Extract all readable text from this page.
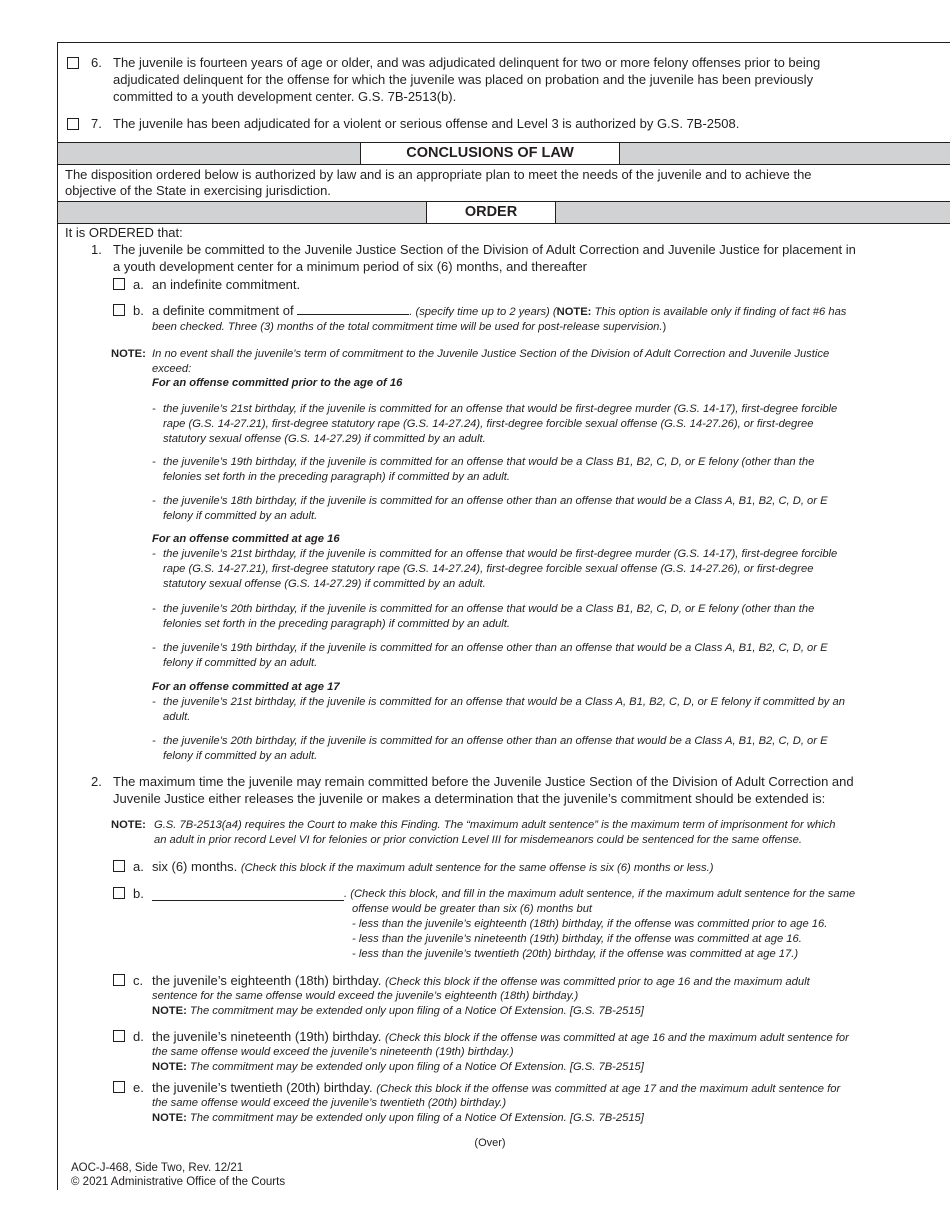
6. The juvenile is fourteen years of age or older, and was adjudicated delinquent for two or more felony offenses prior to being
adjudicated delinquent for the offense for which the juvenile was placed on probation and the juvenile has been previously
committed to a youth development center. G.S. 7B-2513(b).
7. The juvenile has been adjudicated for a violent or serious offense and Level 3 is authorized by G.S. 7B-2508.
CONCLUSIONS OF LAW
The disposition ordered below is authorized by law and is an appropriate plan to meet the needs of the juvenile and to achieve the
objective of the State in exercising jurisdiction.
ORDER
It is ORDERED that:
1. The juvenile be committed to the Juvenile Justice Section of the Division of Adult Correction and Juvenile Justice for placement in
a youth development center for a minimum period of six (6) months, and thereafter
a. an indefinite commitment.
b. a definite commitment of	. (specify time up to 2 years) (NOTE: This option is available only if finding of fact #6 has
been checked. Three (3) months of the total commitment time will be used for post-release supervision.)
NOTE: In no event shall the juvenile’s term of commitment to the Juvenile Justice Section of the Division of Adult Correction and Juvenile Justice
exceed:
For an offense committed prior to the age of 16
- the juvenile’s 21st birthday, if the juvenile is committed for an offense that would be first-degree murder (G.S. 14-17), first-degree forcible
rape (G.S. 14-27.21), first-degree statutory rape (G.S. 14-27.24), first-degree forcible sexual offense (G.S. 14-27.26), or first-degree
statutory sexual offense (G.S. 14-27.29) if committed by an adult.
- the juvenile’s 19th birthday, if the juvenile is committed for an offense that would be a Class B1, B2, C, D, or E felony (other than the
felonies set forth in the preceding paragraph) if committed by an adult.
- the juvenile’s 18th birthday, if the juvenile is committed for an offense other than an offense that would be a Class A, B1, B2, C, D, or E
felony if committed by an adult.
For an offense committed at age 16
- the juvenile’s 21st birthday, if the juvenile is committed for an offense that would be first-degree murder (G.S. 14-17), first-degree forcible
rape (G.S. 14-27.21), first-degree statutory rape (G.S. 14-27.24), first-degree forcible sexual offense (G.S. 14-27.26), or first-degree
statutory sexual offense (G.S. 14-27.29) if committed by an adult.
- the juvenile’s 20th birthday, if the juvenile is committed for an offense that would be a Class B1, B2, C, D, or E felony (other than the
felonies set forth in the preceding paragraph) if committed by an adult.
- the juvenile’s 19th birthday, if the juvenile is committed for an offense other than an offense that would be a Class A, B1, B2, C, D, or E
felony if committed by an adult.
For an offense committed at age 17
- the juvenile’s 21st birthday, if the juvenile is committed for an offense that would be a Class A, B1, B2, C, D, or E felony if committed by an
adult.
- the juvenile’s 20th birthday, if the juvenile is committed for an offense other than an offense that would be a Class A, B1, B2, C, D, or E
felony if committed by an adult.
2. The maximum time the juvenile may remain committed before the Juvenile Justice Section of the Division of Adult Correction and
Juvenile Justice either releases the juvenile or makes a determination that the juvenile’s commitment should be extended is:
NOTE: G.S. 7B-2513(a4) requires the Court to make this Finding. The “maximum adult sentence” is the maximum term of imprisonment for which
an adult in prior record Level VI for felonies or prior conviction Level III for misdemeanors could be sentenced for the same offense.
a. six (6) months. (Check this block if the maximum adult sentence for the same offense is six (6) months or less.)
b.	. (Check this block, and fill in the maximum adult sentence, if the maximum adult sentence for the same
offense would be greater than six (6) months but
- less than the juvenile’s eighteenth (18th) birthday, if the offense was committed prior to age 16.
- less than the juvenile’s nineteenth (19th) birthday, if the offense was committed at age 16.
- less than the juvenile’s twentieth (20th) birthday, if the offense was committed at age 17.)
c. the juvenile’s eighteenth (18th) birthday. (Check this block if the offense was committed prior to age 16 and the maximum adult
sentence for the same offense would exceed the juvenile’s eighteenth (18th) birthday.)
NOTE: The commitment may be extended only upon filing of a Notice Of Extension. [G.S. 7B-2515]
d. the juvenile’s nineteenth (19th) birthday. (Check this block if the offense was committed at age 16 and the maximum adult sentence for
the same offense would exceed the juvenile’s nineteenth (19th) birthday.)
NOTE: The commitment may be extended only upon filing of a Notice Of Extension. [G.S. 7B-2515]
e. the juvenile’s twentieth (20th) birthday. (Check this block if the offense was committed at age 17 and the maximum adult sentence for
the same offense would exceed the juvenile’s twentieth (20th) birthday.)
NOTE: The commitment may be extended only upon filing of a Notice Of Extension. [G.S. 7B-2515]
(Over)
AOC-J-468, Side Two, Rev. 12/21
© 2021 Administrative Office of the Courts
